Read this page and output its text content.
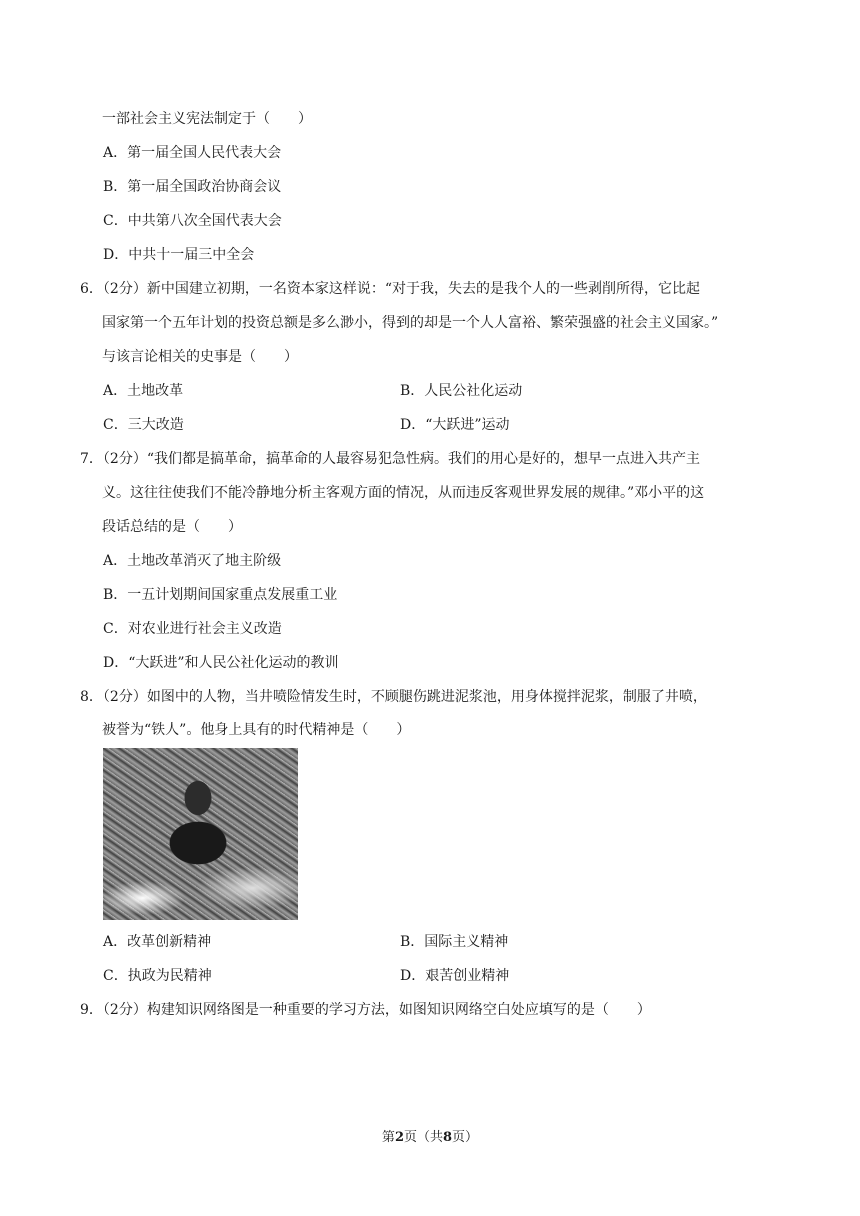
一部社会主义宪法制定于（　　）
A．第一届全国人民代表大会
B．第一届全国政治协商会议
C．中共第八次全国代表大会
D．中共十一届三中全会
6．（2分）新中国建立初期，一名资本家这样说：“对于我，失去的是我个人的一些剥削所得，它比起
国家第一个五年计划的投资总额是多么渺小，得到的却是一个人人富裕、繁荣强盛的社会主义国家。”
与该言论相关的史事是（　　）
A．土地改革	B．人民公社化运动
C．三大改造	D．“大跃进”运动
7．（2分）“我们都是搞革命，搞革命的人最容易犯急性病。我们的用心是好的，想早一点进入共产主
义。这往往使我们不能冷静地分析主客观方面的情况，从而违反客观世界发展的规律。”邓小平的这
段话总结的是（　　）
A．土地改革消灭了地主阶级
B．一五计划期间国家重点发展重工业
C．对农业进行社会主义改造
D．“大跃进”和人民公社化运动的教训
8．（2分）如图中的人物，当井喷险情发生时，不顾腿伤跳进泥浆池，用身体搅拌泥浆，制服了井喷，
被誉为“铁人”。他身上具有的时代精神是（　　）
A．改革创新精神	B．国际主义精神
C．执政为民精神	D．艰苦创业精神
9．（2分）构建知识网络图是一种重要的学习方法，如图知识网络空白处应填写的是（　　）
第2页（共8页）
